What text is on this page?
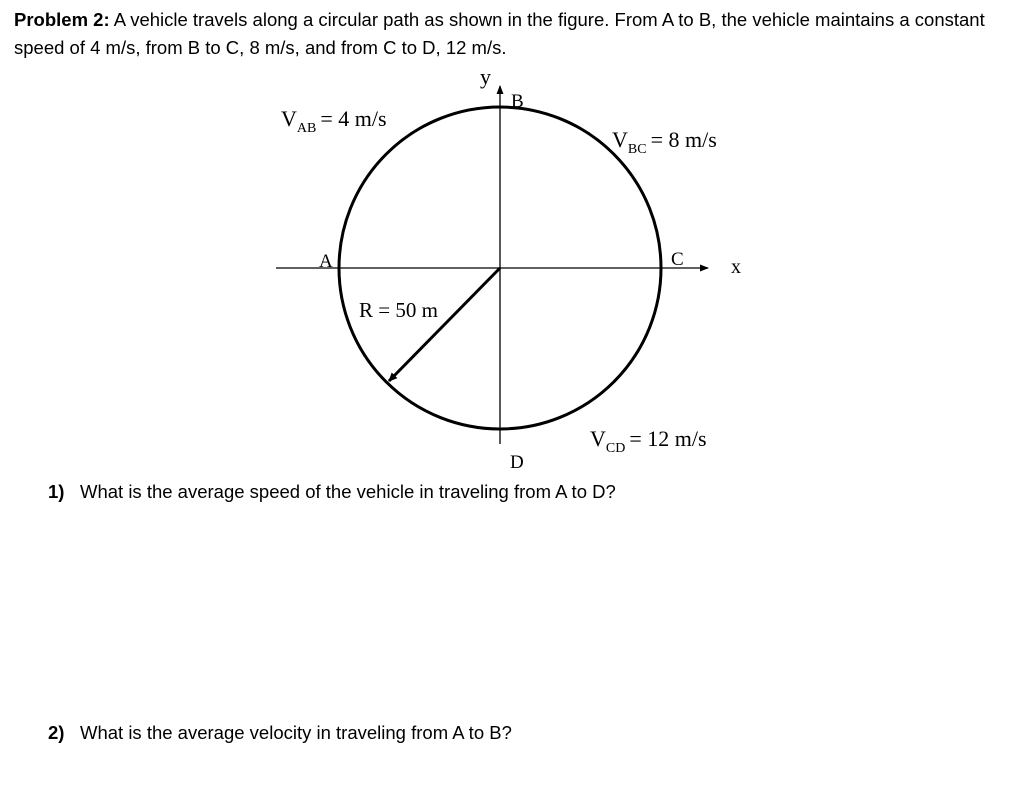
Problem 2: A vehicle travels along a circular path as shown in the figure. From A to B, the vehicle maintains a constant speed of 4 m/s, from B to C, 8 m/s, and from C to D, 12 m/s.
y
x
A
B
C
D
$V_{AB} = 4$ m/s
$V_{BC} = 8$ m/s
$V_{CD} = 12$ m/s
R = 50 m
1) What is the average speed of the vehicle in traveling from A to D?
2) What is the average velocity in traveling from A to B?
